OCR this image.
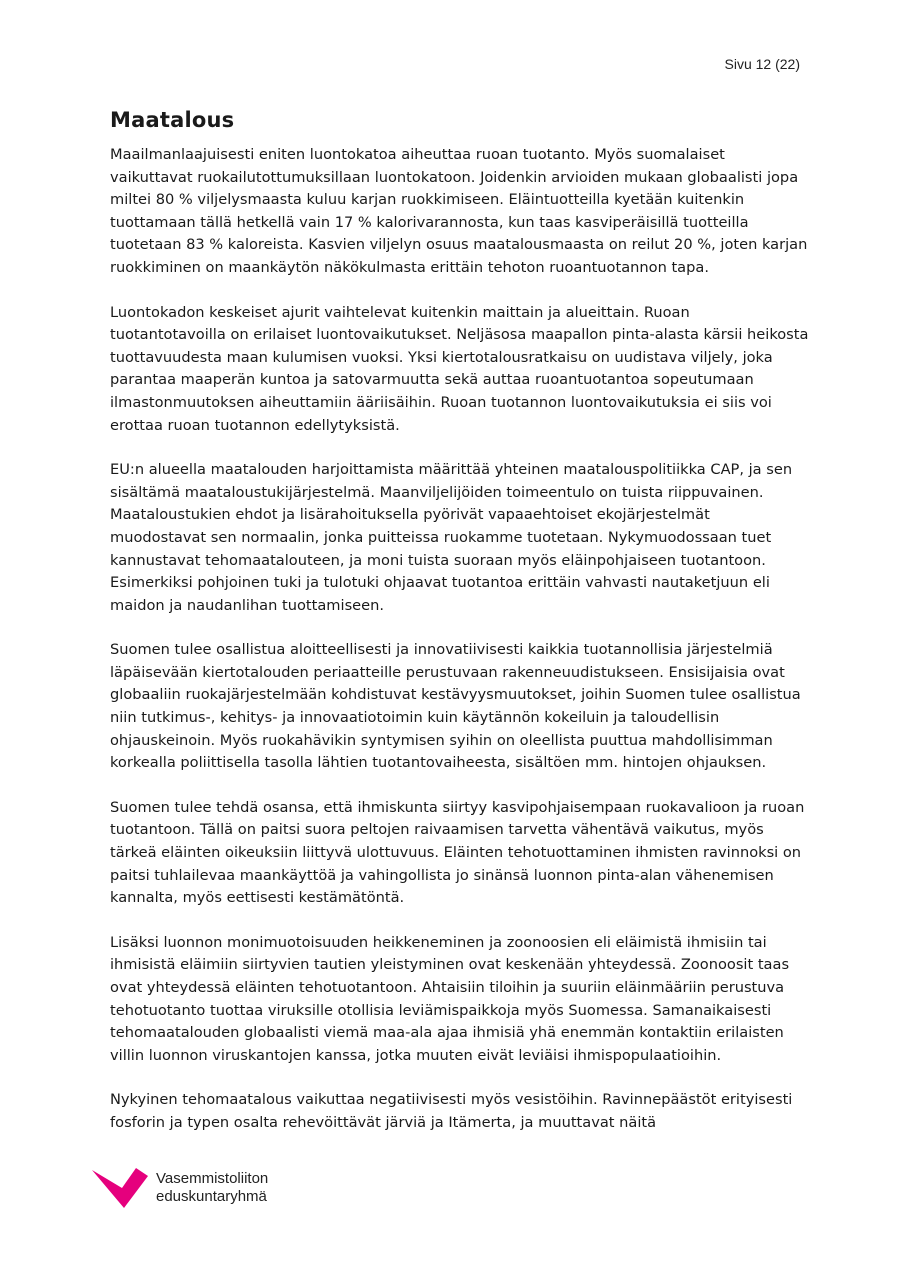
Sivu 12 (22)
Maatalous

Maailmanlaajuisesti eniten luontokatoa aiheuttaa ruoan tuotanto. Myös suomalaiset vaikuttavat ruokailutottumuksillaan luontokatoon. Joidenkin arvioiden mukaan globaalisti jopa miltei 80 % viljelysmaasta kuluu karjan ruokkimiseen. Eläintuotteilla kyetään kuitenkin tuottamaan tällä hetkellä vain 17 % kalorivarannosta, kun taas kasviperäisillä tuotteilla tuotetaan 83 % kaloreista. Kasvien viljelyn osuus maatalousmaasta on reilut 20 %, joten karjan ruokkiminen on maankäytön näkökulmasta erittäin tehoton ruoantuotannon tapa.

Luontokadon keskeiset ajurit vaihtelevat kuitenkin maittain ja alueittain. Ruoan tuotantotavoilla on erilaiset luontovaikutukset. Neljäsosa maapallon pinta-alasta kärsii heikosta tuottavuudesta maan kulumisen vuoksi. Yksi kiertotalousratkaisu on uudistava viljely, joka parantaa maaperän kuntoa ja satovarmuutta sekä auttaa ruoantuotantoa sopeutumaan ilmastonmuutoksen aiheuttamiin ääriisäihin. Ruoan tuotannon luontovaikutuksia ei siis voi erottaa ruoan tuotannon edellytyksistä.

EU:n alueella maatalouden harjoittamista määrittää yhteinen maatalouspolitiikka CAP, ja sen sisältämä maataloustukijärjestelmä. Maanviljelijöiden toimeentulo on tuista riippuvainen. Maataloustukien ehdot ja lisärahoituksella pyörivät vapaaehtoiset ekojärjestelmät muodostavat sen normaalin, jonka puitteissa ruokamme tuotetaan. Nykymuodossaan tuet kannustavat tehomaatalouteen, ja moni tuista suoraan myös eläinpohjaiseen tuotantoon. Esimerkiksi pohjoinen tuki ja tulotuki ohjaavat tuotantoa erittäin vahvasti nautaketjuun eli maidon ja naudanlihan tuottamiseen.

Suomen tulee osallistua aloitteellisesti ja innovatiivisesti kaikkia tuotannollisia järjestelmiä läpäisevään kiertotalouden periaatteille perustuvaan rakenneuudistukseen. Ensisijaisia ovat globaaliin ruokajärjestelmään kohdistuvat kestävyysmuutokset, joihin Suomen tulee osallistua niin tutkimus-, kehitys- ja innovaatiotoimin kuin käytännön kokeiluin ja taloudellisin ohjauskeinoin. Myös ruokahävikin syntymisen syihin on oleellista puuttua mahdollisimman korkealla poliittisella tasolla lähtien tuotantovaiheesta, sisältöen mm. hintojen ohjauksen.

Suomen tulee tehdä osansa, että ihmiskunta siirtyy kasvipohjaisempaan ruokavalioon ja ruoan tuotantoon. Tällä on paitsi suora peltojen raivaamisen tarvetta vähentävä vaikutus, myös tärkeä eläinten oikeuksiin liittyvä ulottuvuus. Eläinten tehotuottaminen ihmisten ravinnoksi on paitsi tuhlailevaa maankäyttöä ja vahingollista jo sinänsä luonnon pinta-alan vähenemisen kannalta, myös eettisesti kestämätöntä.

Lisäksi luonnon monimuotoisuuden heikkeneminen ja zoonoosien eli eläimistä ihmisiin tai ihmisistä eläimiin siirtyvien tautien yleistyminen ovat keskenään yhteydessä. Zoonoosit taas ovat yhteydessä eläinten tehotuotantoon. Ahtaisiin tiloihin ja suuriin eläinmääriin perustuva tehotuotanto tuottaa viruksille otollisia leviämispaikkoja myös Suomessa. Samanaikaisesti tehomaatalouden globaalisti viemä maa-ala ajaa ihmisiä yhä enemmän kontaktiin erilaisten villin luonnon viruskantojen kanssa, jotka muuten eivät leviäisi ihmispopulaatioihin.

Nykyinen tehomaatalous vaikuttaa negatiivisesti myös vesistöihin. Ravinnepäästöt erityisesti fosforin ja typen osalta rehevöittävät järviä ja Itämerta, ja muuttavat näitä

Vasemmistoliiton
eduskuntaryhmä
